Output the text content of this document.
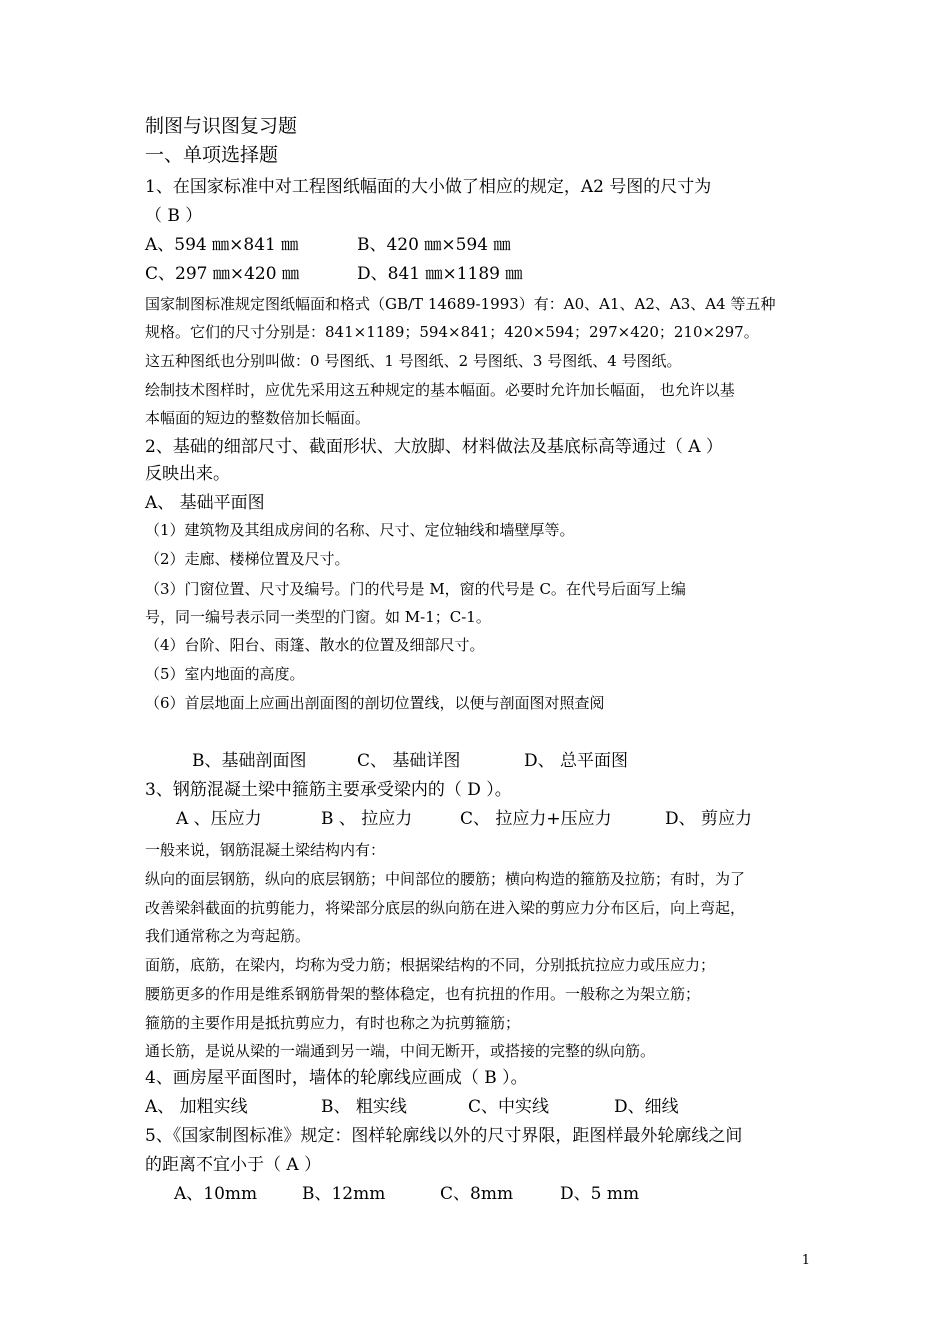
制图与识图复习题
一、单项选择题
1、在国家标准中对工程图纸幅面的大小做了相应的规定，A2 号图的尺寸为
（ B ）
A、594 ㎜×841 ㎜	B、420 ㎜×594 ㎜
C、297 ㎜×420 ㎜	D、841 ㎜×1189 ㎜
国家制图标准规定图纸幅面和格式（GB/T 14689-1993）有：A0、A1、A2、A3、A4 等五种
规格。它们的尺寸分别是：841×1189；594×841；420×594；297×420；210×297。
这五种图纸也分别叫做：0 号图纸、1 号图纸、2 号图纸、3 号图纸、4 号图纸。
绘制技术图样时，应优先采用这五种规定的基本幅面。必要时允许加长幅面， 也允许以基
本幅面的短边的整数倍加长幅面。
2、基础的细部尺寸、截面形状、大放脚、材料做法及基底标高等通过（ A ）
反映出来。
A、 基础平面图
（1）建筑物及其组成房间的名称、尺寸、定位轴线和墙壁厚等。
（2）走廊、楼梯位置及尺寸。
（3）门窗位置、尺寸及编号。门的代号是 M，窗的代号是 C。在代号后面写上编
号，同一编号表示同一类型的门窗。如 M-1；C-1。
（4）台阶、阳台、雨篷、散水的位置及细部尺寸。
（5）室内地面的高度。
（6）首层地面上应画出剖面图的剖切位置线，以便与剖面图对照查阅
B、基础剖面图	C、 基础详图	D、 总平面图
3、钢筋混凝土梁中箍筋主要承受梁内的（ D ）。
A 、压应力	B 、 拉应力	C、 拉应力+压应力	D、 剪应力
一般来说，钢筋混凝土梁结构内有：
纵向的面层钢筋，纵向的底层钢筋；中间部位的腰筋；横向构造的箍筋及拉筋；有时，为了
改善梁斜截面的抗剪能力，将梁部分底层的纵向筋在进入梁的剪应力分布区后，向上弯起，
我们通常称之为弯起筋。
面筋，底筋，在梁内，均称为受力筋；根据梁结构的不同，分别抵抗拉应力或压应力；
腰筋更多的作用是维系钢筋骨架的整体稳定，也有抗扭的作用。一般称之为架立筋；
箍筋的主要作用是抵抗剪应力，有时也称之为抗剪箍筋；
通长筋，是说从梁的一端通到另一端，中间无断开，或搭接的完整的纵向筋。
4、画房屋平面图时，墙体的轮廓线应画成（ B ）。
A、 加粗实线	B、 粗实线	C、中实线	D、细线
5、《国家制图标准》规定：图样轮廓线以外的尺寸界限，距图样最外轮廓线之间
的距离不宜小于（ A ）
A、10mm	B、12mm	C、8mm	D、5 mm
1
